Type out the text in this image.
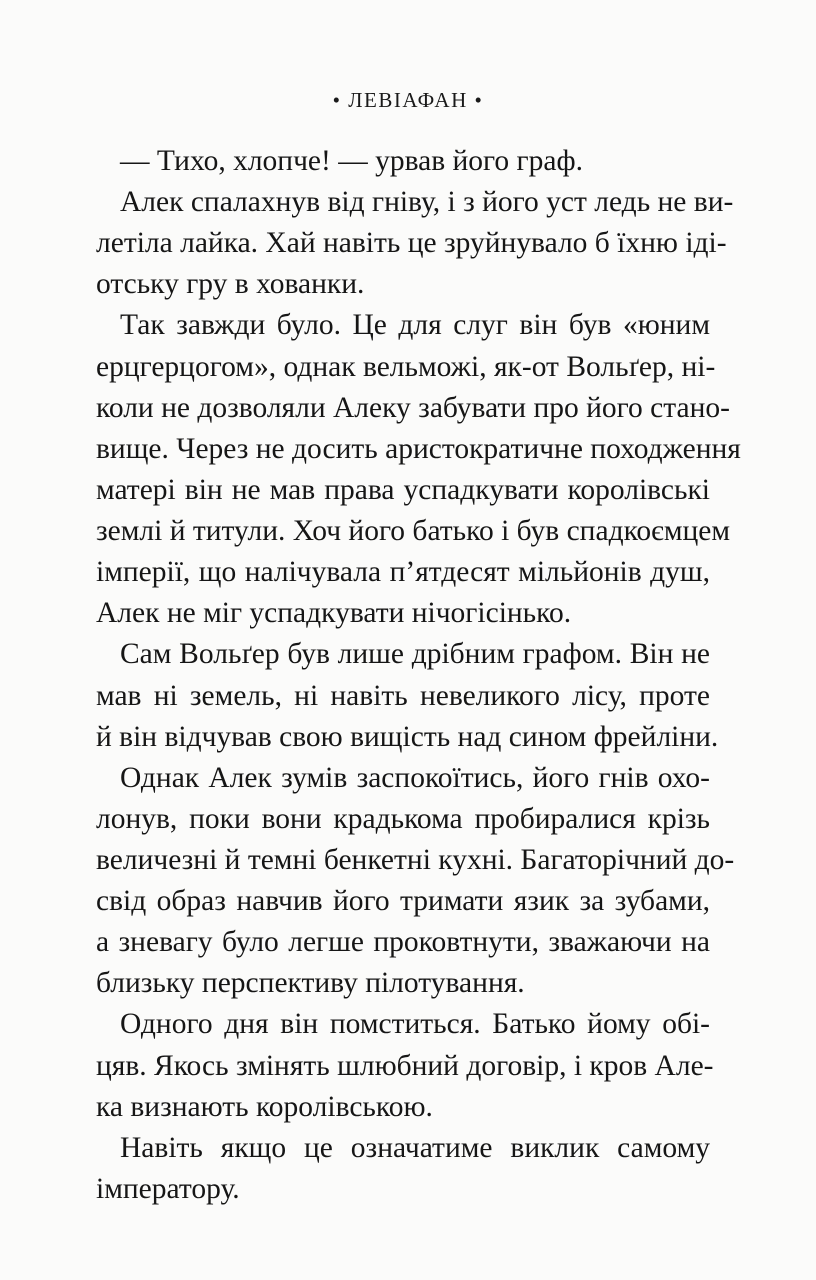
• ЛЕВІАФАН •
— Тихо, хлопче! — урвав його граф.
Алек спалахнув від гніву, і з його уст ледь не ви-
летіла лайка. Хай навіть це зруйнувало б їхню іді-
отську гру в хованки.
Так завжди було. Це для слуг він був «юним
ерцгерцогом», однак вельможі, як-от Вольґер, ні-
коли не дозволяли Алеку забувати про його стано-
вище. Через не досить аристократичне походження
матері він не мав права успадкувати королівські
землі й титули. Хоч його батько і був спадкоємцем
імперії, що налічувала п’ятдесят мільйонів душ,
Алек не міг успадкувати нічогісінько.
Сам Вольґер був лише дрібним графом. Він не
мав ні земель, ні навіть невеликого лісу, проте
й він відчував свою вищість над сином фрейліни.
Однак Алек зумів заспокоїтись, його гнів охо-
лонув, поки вони крадькома пробиралися крізь
величезні й темні бенкетні кухні. Багаторічний до-
свід образ навчив його тримати язик за зубами,
а зневагу було легше проковтнути, зважаючи на
близьку перспективу пілотування.
Одного дня він помститься. Батько йому обі-
цяв. Якось змінять шлюбний договір, і кров Але-
ка визнають королівською.
Навіть якщо це означатиме виклик самому
імператору.
